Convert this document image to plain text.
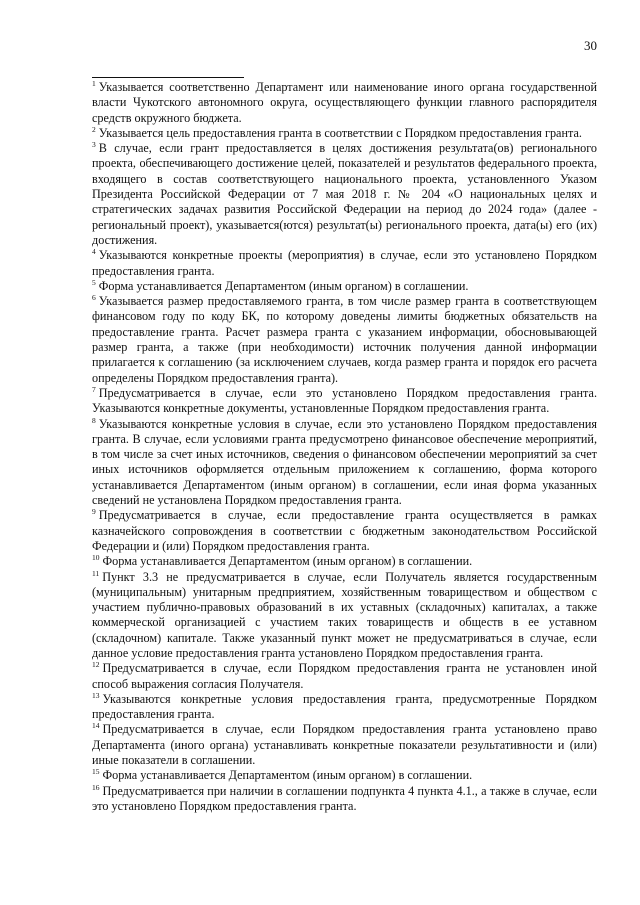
30

$^1$ Указывается соответственно Департамент или наименование иного органа государственной власти Чукотского автономного округа, осуществляющего функции главного распорядителя средств окружного бюджета.

$^2$ Указывается цель предоставления гранта в соответствии с Порядком предоставления гранта.

$^3$ В случае, если грант предоставляется в целях достижения результата(ов) регионального проекта, обеспечивающего достижение целей, показателей и результатов федерального проекта, входящего в состав соответствующего национального проекта, установленного Указом Президента Российской Федерации от 7 мая 2018 г. № 204 «О национальных целях и стратегических задачах развития Российской Федерации на период до 2024 года» (далее - региональный проект), указывается(ются) результат(ы) регионального проекта, дата(ы) его (их) достижения.

$^4$ Указываются конкретные проекты (мероприятия) в случае, если это установлено Порядком предоставления гранта.

$^5$ Форма устанавливается Департаментом (иным органом) в соглашении.

$^6$ Указывается размер предоставляемого гранта, в том числе размер гранта в соответствующем финансовом году по коду БК, по которому доведены лимиты бюджетных обязательств на предоставление гранта. Расчет размера гранта с указанием информации, обосновывающей размер гранта, а также (при необходимости) источник получения данной информации прилагается к соглашению (за исключением случаев, когда размер гранта и порядок его расчета определены Порядком предоставления гранта).

$^7$ Предусматривается в случае, если это установлено Порядком предоставления гранта. Указываются конкретные документы, установленные Порядком предоставления гранта.

$^8$ Указываются конкретные условия в случае, если это установлено Порядком предоставления гранта. В случае, если условиями гранта предусмотрено финансовое обеспечение мероприятий, в том числе за счет иных источников, сведения о финансовом обеспечении мероприятий за счет иных источников оформляется отдельным приложением к соглашению, форма которого устанавливается Департаментом (иным органом) в соглашении, если иная форма указанных сведений не установлена Порядком предоставления гранта.

$^9$ Предусматривается в случае, если предоставление гранта осуществляется в рамках казначейского сопровождения в соответствии с бюджетным законодательством Российской Федерации и (или) Порядком предоставления гранта.

$^{10}$ Форма устанавливается Департаментом (иным органом) в соглашении.

$^{11}$ Пункт 3.3 не предусматривается в случае, если Получатель является государственным (муниципальным) унитарным предприятием, хозяйственным товариществом и обществом с участием публично-правовых образований в их уставных (складочных) капиталах, а также коммерческой организацией с участием таких товариществ и обществ в ее уставном (складочном) капитале. Также указанный пункт может не предусматриваться в случае, если данное условие предоставления гранта установлено Порядком предоставления гранта.

$^{12}$ Предусматривается в случае, если Порядком предоставления гранта не установлен иной способ выражения согласия Получателя.

$^{13}$ Указываются конкретные условия предоставления гранта, предусмотренные Порядком предоставления гранта.

$^{14}$ Предусматривается в случае, если Порядком предоставления гранта установлено право Департамента (иного органа) устанавливать конкретные показатели результативности и (или) иные показатели в соглашении.

$^{15}$ Форма устанавливается Департаментом (иным органом) в соглашении.

$^{16}$ Предусматривается при наличии в соглашении подпункта 4 пункта 4.1., а также в случае, если это установлено Порядком предоставления гранта.
